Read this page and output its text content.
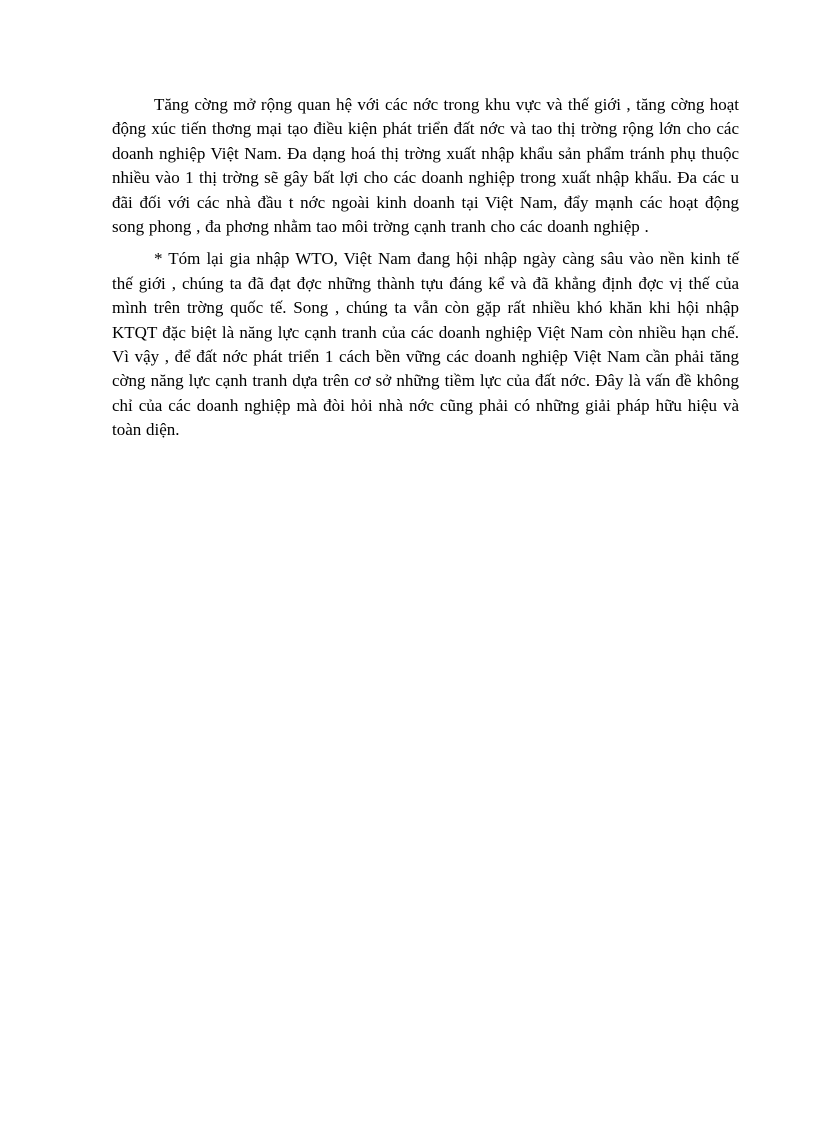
Tăng cờng mở rộng quan hệ với các nớc trong khu vực và thế giới , tăng cờng hoạt động xúc tiến thơng mại tạo điều kiện phát triển đất nớc và tao thị trờng rộng lớn cho các doanh nghiệp Việt Nam. Đa dạng hoá thị trờng xuất nhập khẩu sản phẩm tránh phụ thuộc nhiều vào 1 thị trờng sẽ gây bất lợi cho các doanh nghiệp trong xuất nhập khẩu. Đa các u đãi đối với các nhà đầu t nớc ngoài kinh doanh tại Việt Nam, đẩy mạnh các hoạt động song phong , đa phơng nhằm tao môi trờng cạnh tranh cho các doanh nghiệp .

* Tóm lại gia nhập WTO, Việt Nam đang hội nhập ngày càng sâu vào nền kinh tế thế giới , chúng ta đã đạt đợc những thành tựu đáng kể và đã khẳng định đợc vị thế của mình trên trờng quốc tế. Song , chúng ta vẫn còn gặp rất nhiều khó khăn khi hội nhập KTQT đặc biệt là năng lực cạnh tranh của các doanh nghiệp Việt Nam còn nhiều hạn chế. Vì vậy , để đất nớc phát triển 1 cách bền vững các doanh nghiệp Việt Nam cần phải tăng cờng năng lực cạnh tranh dựa trên cơ sở những tiềm lực của đất nớc. Đây là vấn đề không chỉ của các doanh nghiệp mà đòi hỏi nhà nớc cũng phải có những giải pháp hữu hiệu và toàn diện.
